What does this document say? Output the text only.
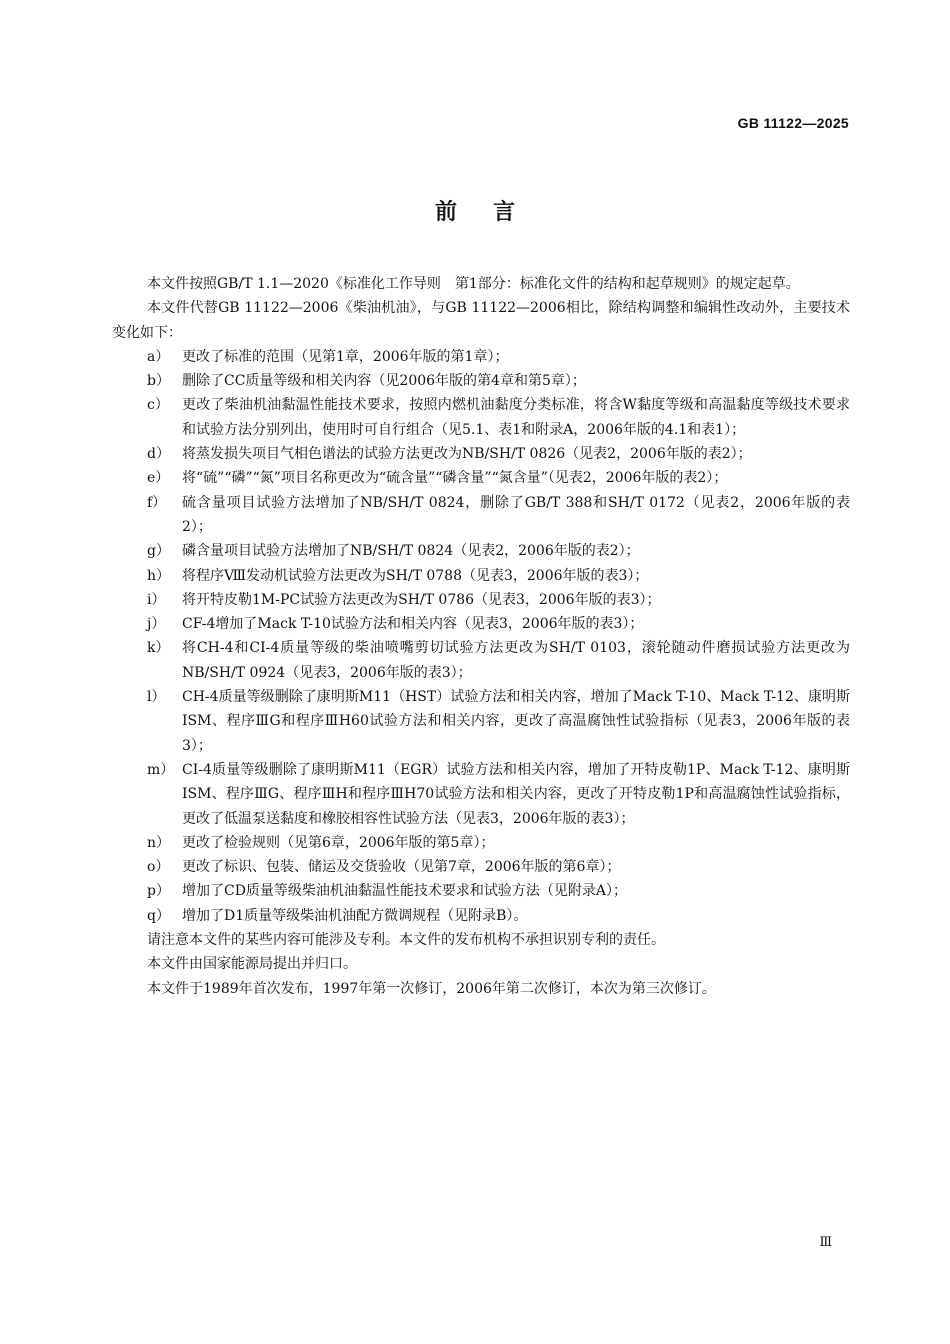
GB 11122—2025
前言

本文件按照GB/T 1.1—2020《标准化工作导则　第1部分：标准化文件的结构和起草规则》的规定起草。

本文件代替GB 11122—2006《柴油机油》，与GB 11122—2006相比，除结构调整和编辑性改动外，主要技术变化如下：

a） 更改了标准的范围（见第1章，2006年版的第1章）；
b） 删除了CC质量等级和相关内容（见2006年版的第4章和第5章）；
c） 更改了柴油机油黏温性能技术要求，按照内燃机油黏度分类标准，将含W黏度等级和高温黏度等级技术要求和试验方法分别列出，使用时可自行组合（见5.1、表1和附录A，2006年版的4.1和表1）；
d） 将蒸发损失项目气相色谱法的试验方法更改为NB/SH/T 0826（见表2，2006年版的表2）；
e） 将“硫”“磷”“氮”项目名称更改为“硫含量”“磷含量”“氮含量”（见表2，2006年版的表2）；
f）	硫含量项目试验方法增加了NB/SH/T 0824，删除了GB/T 388和SH/T 0172（见表2，2006年版的表2）；
g） 磷含量项目试验方法增加了NB/SH/T 0824（见表2，2006年版的表2）；
h） 将程序Ⅷ发动机试验方法更改为SH/T 0788（见表3，2006年版的表3）；
i）	将开特皮勒1M-PC试验方法更改为SH/T 0786（见表3，2006年版的表3）；
j）	CF-4增加了Mack T-10试验方法和相关内容（见表3，2006年版的表3）；
k） 将CH-4和CI-4质量等级的柴油喷嘴剪切试验方法更改为SH/T 0103，滚轮随动件磨损试验方法更改为NB/SH/T 0924（见表3，2006年版的表3）；
l）	CH-4质量等级删除了康明斯M11（HST）试验方法和相关内容，增加了Mack T-10、Mack T-12、康明斯ISM、程序ⅢG和程序ⅢH60试验方法和相关内容，更改了高温腐蚀性试验指标（见表3，2006年版的表3）；
m） CI-4质量等级删除了康明斯M11（EGR）试验方法和相关内容，增加了开特皮勒1P、Mack T-12、康明斯ISM、程序ⅢG、程序ⅢH和程序ⅢH70试验方法和相关内容，更改了开特皮勒1P和高温腐蚀性试验指标，更改了低温泵送黏度和橡胶相容性试验方法（见表3，2006年版的表3）；
n） 更改了检验规则（见第6章，2006年版的第5章）；
o） 更改了标识、包装、储运及交货验收（见第7章，2006年版的第6章）；
p） 增加了CD质量等级柴油机油黏温性能技术要求和试验方法（见附录A）；
q） 增加了D1质量等级柴油机油配方微调规程（见附录B）。

请注意本文件的某些内容可能涉及专利。本文件的发布机构不承担识别专利的责任。

本文件由国家能源局提出并归口。

本文件于1989年首次发布，1997年第一次修订，2006年第二次修订，本次为第三次修订。

Ⅲ
